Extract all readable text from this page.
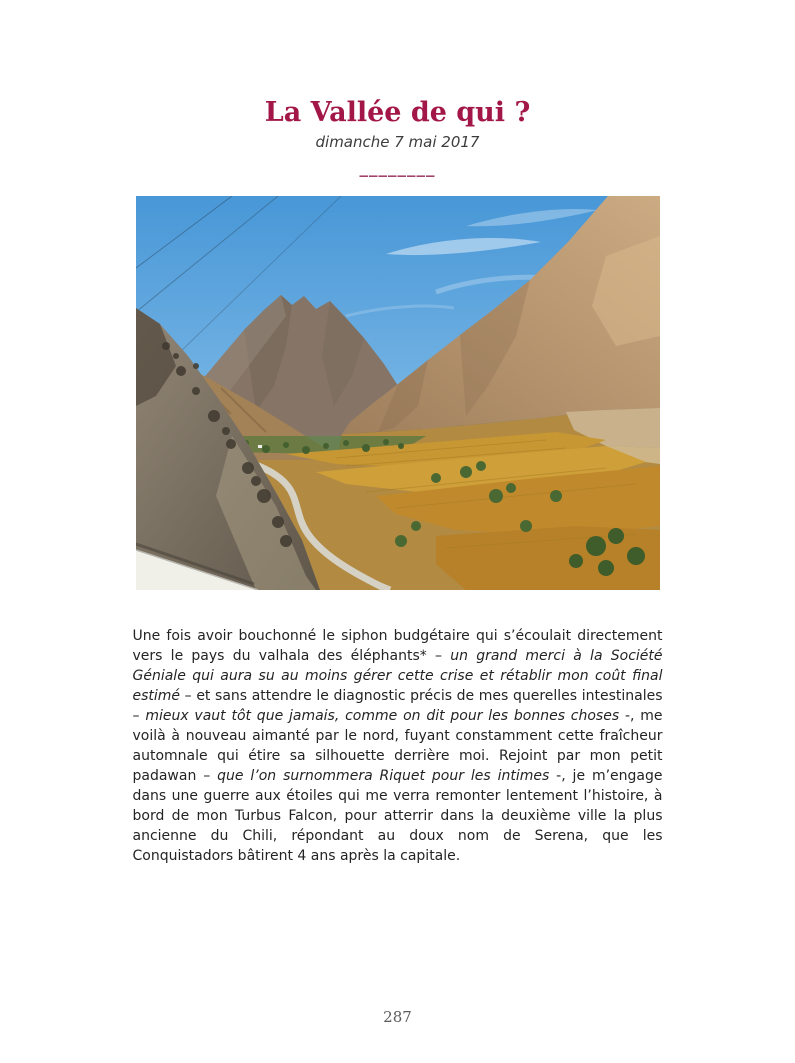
La Vallée de qui ?
dimanche 7 mai 2017
________

Une fois avoir bouchonné le siphon budgétaire qui s’écoulait directement vers le pays du valhala des éléphants* – un grand merci à la Société Géniale qui aura su au moins gérer cette crise et rétablir mon coût final estimé – et sans attendre le diagnostic précis de mes querelles intestinales – mieux vaut tôt que jamais, comme on dit pour les bonnes choses -, me voilà à nouveau aimanté par le nord, fuyant constamment cette fraîcheur automnale qui étire sa silhouette derrière moi. Rejoint par mon petit padawan – que l’on surnommera Riquet pour les intimes -, je m’engage dans une guerre aux étoiles qui me verra remonter lentement l’histoire, à bord de mon Turbus Falcon, pour atterrir dans la deuxième ville la plus ancienne du Chili, répondant au doux nom de Serena, que les Conquistadors bâtirent 4 ans après la capitale.

287
